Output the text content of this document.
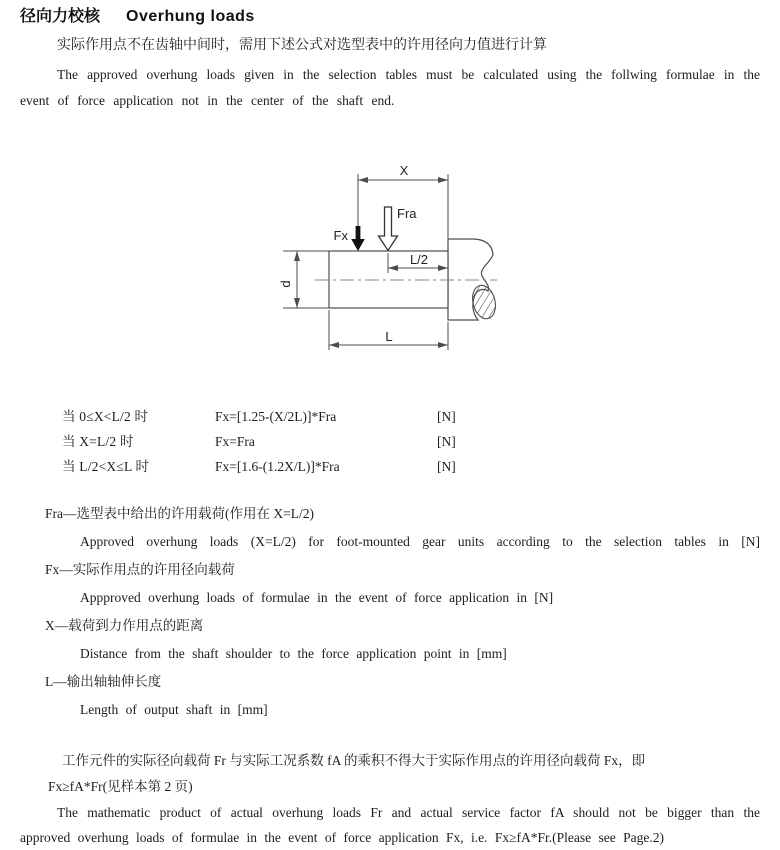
径向力校核 Overhung loads
实际作用点不在齿轴中间时，需用下述公式对选型表中的许用径向力值进行计算
The approved overhung loads given in the selection tables must be calculated using the follwing formulae in the event of force application not in the center of the shaft end.
X
Fx
Fra
L/2
d
L
当 0≤X<L/2 时	Fx=[1.25-(X/2L)]*Fra	[N]
当 X=L/2 时	Fx=Fra	[N]
当 L/2<X≤L 时	Fx=[1.6-(1.2X/L)]*Fra	[N]
Fra—选型表中给出的许用载荷(作用在 X=L/2)
Approved overhung loads (X=L/2) for foot-mounted gear units according to the selection tables in [N]
Fx—实际作用点的许用径向载荷
Appproved overhung loads of formulae in the event of force application in [N]
X—载荷到力作用点的距离
Distance from the shaft shoulder to the force application point in [mm]
L—输出轴轴伸长度
Length of output shaft in [mm]
工作元件的实际径向载荷 Fr 与实际工况系数 fA 的乘积不得大于实际作用点的许用径向载荷 Fx，即
Fx≥fA*Fr(见样本第 2 页)
The mathematic product of actual overhung loads Fr and actual service factor fA should not be bigger than the approved overhung loads of formulae in the event of force application Fx, i.e. Fx≥fA*Fr.(Please see Page.2)
